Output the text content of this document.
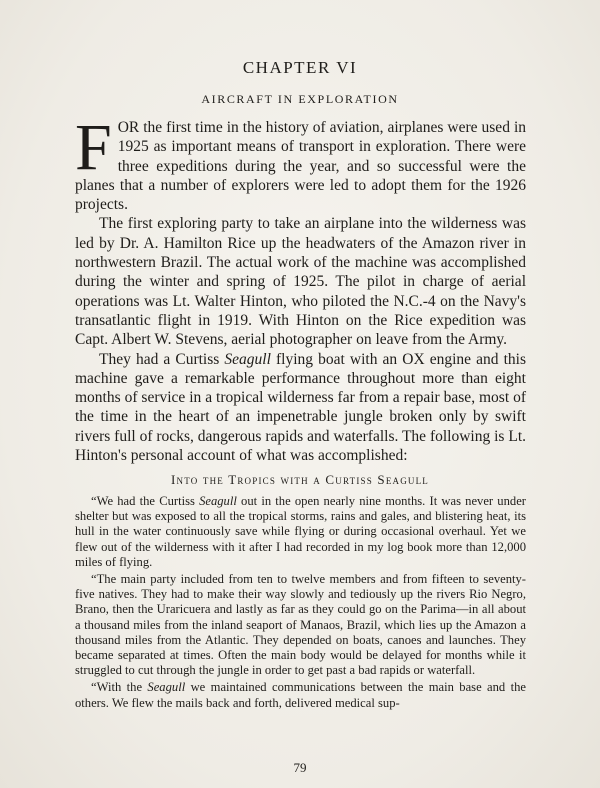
CHAPTER VI
AIRCRAFT IN EXPLORATION

FOR the first time in the history of aviation, airplanes were used in 1925 as important means of transport in exploration. There were three expeditions during the year, and so successful were the planes that a number of explorers were led to adopt them for the 1926 projects.

The first exploring party to take an airplane into the wilderness was led by Dr. A. Hamilton Rice up the headwaters of the Amazon river in northwestern Brazil. The actual work of the machine was accomplished during the winter and spring of 1925. The pilot in charge of aerial operations was Lt. Walter Hinton, who piloted the N.C.-4 on the Navy's transatlantic flight in 1919. With Hinton on the Rice expedition was Capt. Albert W. Stevens, aerial photographer on leave from the Army.

They had a Curtiss Seagull flying boat with an OX engine and this machine gave a remarkable performance throughout more than eight months of service in a tropical wilderness far from a repair base, most of the time in the heart of an impenetrable jungle broken only by swift rivers full of rocks, dangerous rapids and waterfalls. The following is Lt. Hinton's personal account of what was accomplished:

Into the Tropics with a Curtiss Seagull

“We had the Curtiss Seagull out in the open nearly nine months. It was never under shelter but was exposed to all the tropical storms, rains and gales, and blistering heat, its hull in the water continuously save while flying or during occasional overhaul. Yet we flew out of the wilderness with it after I had recorded in my log book more than 12,000 miles of flying.

“The main party included from ten to twelve members and from fifteen to seventy-five natives. They had to make their way slowly and tediously up the rivers Rio Negro, Brano, then the Uraricuera and lastly as far as they could go on the Parima—in all about a thousand miles from the inland seaport of Manaos, Brazil, which lies up the Amazon a thousand miles from the Atlantic. They depended on boats, canoes and launches. They became separated at times. Often the main body would be delayed for months while it struggled to cut through the jungle in order to get past a bad rapids or waterfall.

“With the Seagull we maintained communications between the main base and the others. We flew the mails back and forth, delivered medical sup-

79
